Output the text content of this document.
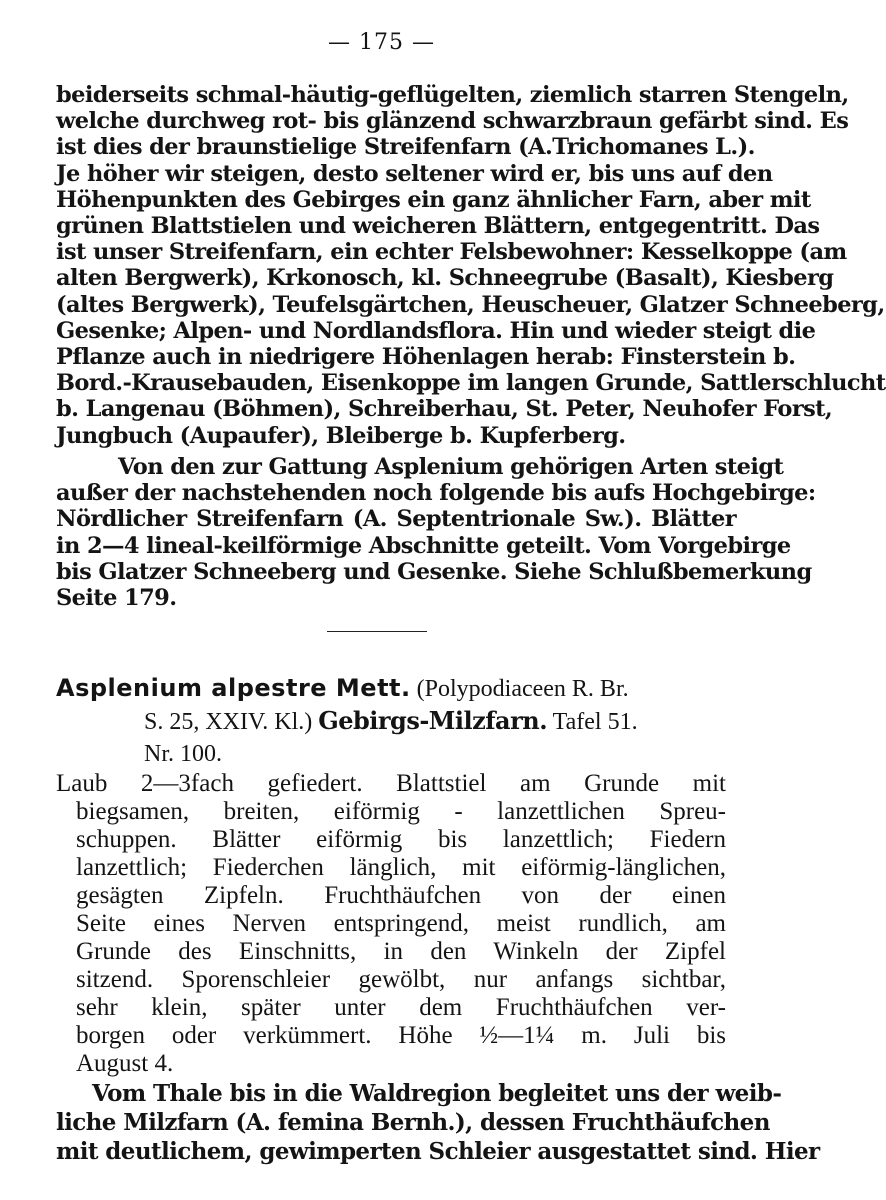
— 175 —
beiderseits schmal-häutig-geflügelten, ziemlich starren Stengeln,
welche durchweg rot- bis glänzend schwarzbraun gefärbt sind. Es
ist dies der braunstielige Streifenfarn (A.Trichomanes L.).
Je höher wir steigen, desto seltener wird er, bis uns auf den
Höhenpunkten des Gebirges ein ganz ähnlicher Farn, aber mit
grünen Blattstielen und weicheren Blättern, entgegentritt. Das
ist unser Streifenfarn, ein echter Felsbewohner: Kesselkoppe (am
alten Bergwerk), Krkonosch, kl. Schneegrube (Basalt), Kiesberg
(altes Bergwerk), Teufelsgärtchen, Heuscheuer, Glatzer Schneeberg,
Gesenke; Alpen- und Nordlandsflora. Hin und wieder steigt die
Pflanze auch in niedrigere Höhenlagen herab: Finsterstein b.
Bord.-Krausebauden, Eisenkoppe im langen Grunde, Sattlerschlucht
b. Langenau (Böhmen), Schreiberhau, St. Peter, Neuhofer Forst,
Jungbuch (Aupaufer), Bleiberge b. Kupferberg.
Von den zur Gattung Asplenium gehörigen Arten steigt
außer der nachstehenden noch folgende bis aufs Hochgebirge:
Nördlicher Streifenfarn (A. Septentrionale Sw.). Blätter
in 2—4 lineal-keilförmige Abschnitte geteilt. Vom Vorgebirge
bis Glatzer Schneeberg und Gesenke. Siehe Schlußbemerkung
Seite 179.
Asplenium alpestre Mett. (Polypodiaceen R. Br.
S. 25, XXIV. Kl.) Gebirgs-Milzfarn. Tafel 51.
Nr. 100.
Laub 2—3fach gefiedert. Blattstiel am Grunde mit
biegsamen, breiten, eiförmig - lanzettlichen Spreu-
schuppen. Blätter eiförmig bis lanzettlich; Fiedern
lanzettlich; Fiederchen länglich, mit eiförmig-länglichen,
gesägten Zipfeln. Fruchthäufchen von der einen
Seite eines Nerven entspringend, meist rundlich, am
Grunde des Einschnitts, in den Winkeln der Zipfel
sitzend. Sporenschleier gewölbt, nur anfangs sichtbar,
sehr klein, später unter dem Fruchthäufchen ver-
borgen oder verkümmert. Höhe ½—1¼ m. Juli bis
August 4.
Vom Thale bis in die Waldregion begleitet uns der weib-
liche Milzfarn (A. femina Bernh.), dessen Fruchthäufchen
mit deutlichem, gewimperten Schleier ausgestattet sind. Hier
